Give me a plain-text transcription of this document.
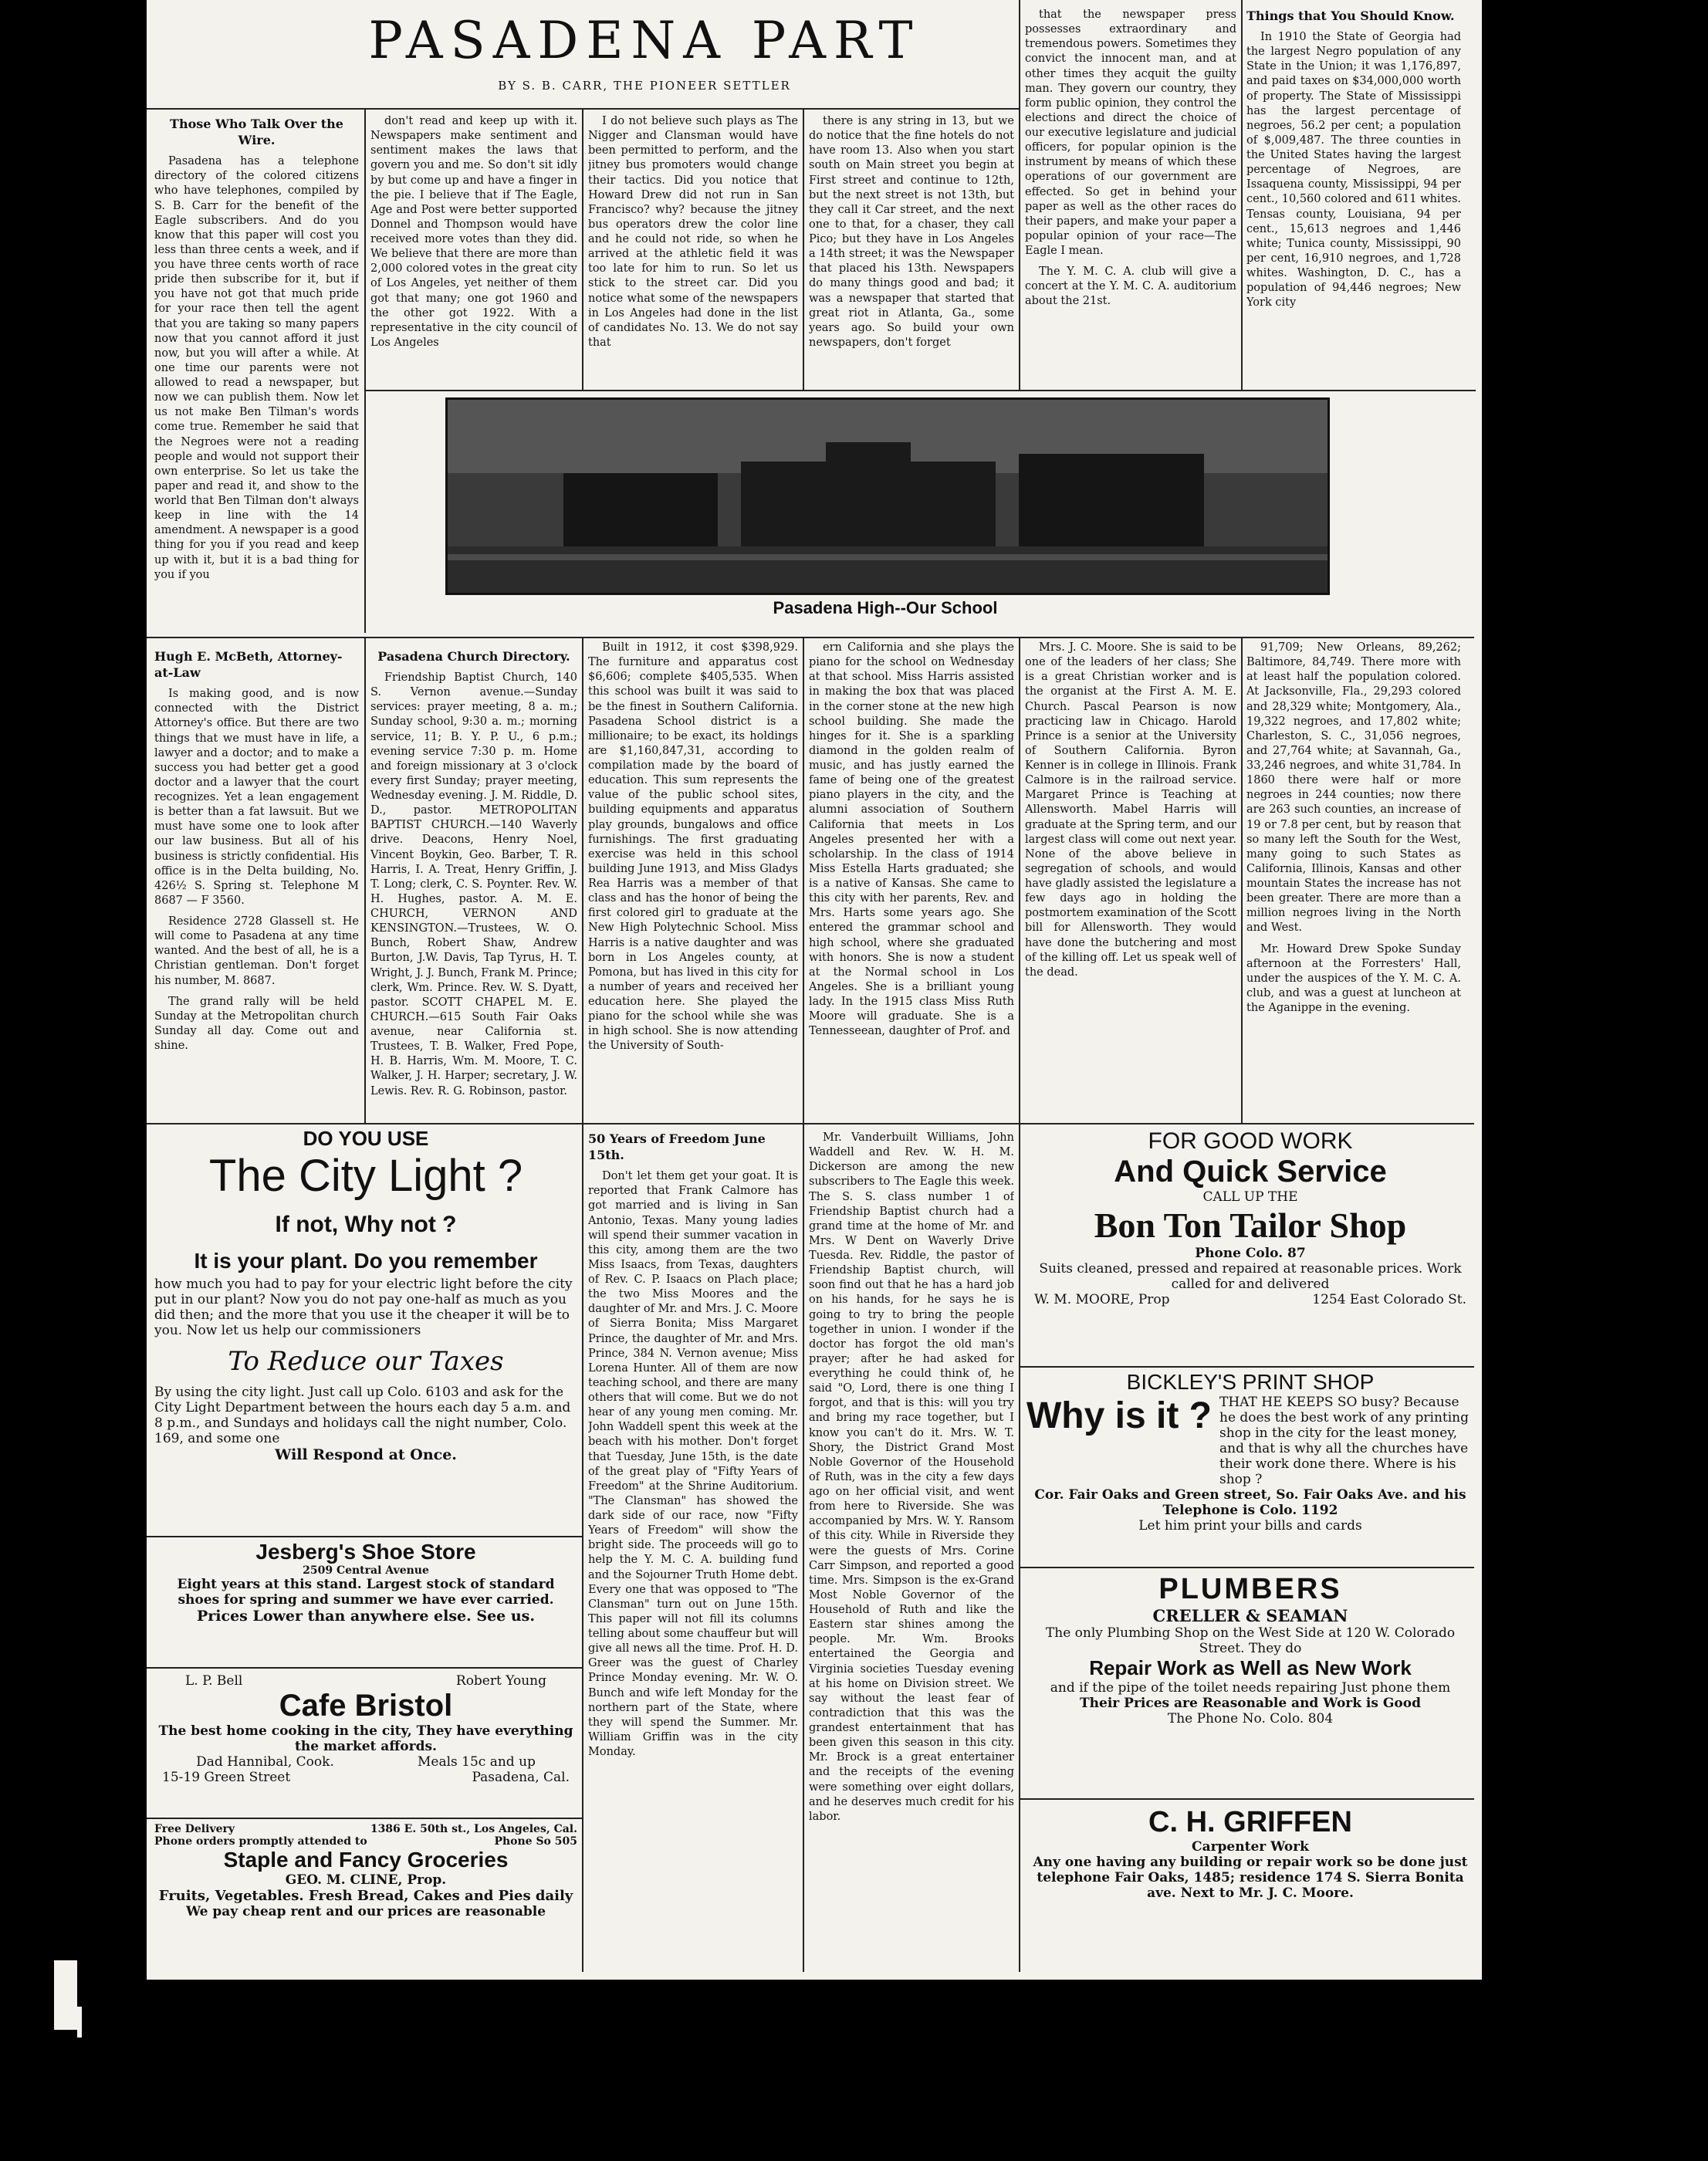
PASADENA PART
BY S. B. CARR, THE PIONEER SETTLER
Those Who Talk Over the Wire.

Pasadena has a telephone directory of the colored citizens who have telephones, compiled by S. B. Carr for the benefit of the Eagle subscribers. And do you know that this paper will cost you less than three cents a week, and if you have three cents worth of race pride then subscribe for it, but if you have not got that much pride for your race then tell the agent that you are taking so many papers now that you cannot afford it just now, but you will after a while. At one time our parents were not allowed to read a newspaper, but now we can publish them. Now let us not make Ben Tilman's words come true. Remember he said that the Negroes were not a reading people and would not support their own enterprise. So let us take the paper and read it, and show to the world that Ben Tilman don't always keep in line with the 14 amendment. A newspaper is a good thing for you if you read and keep up with it, but it is a bad thing for you if you

don't read and keep up with it. Newspapers make sentiment and sentiment makes the laws that govern you and me. So don't sit idly by but come up and have a finger in the pie. I believe that if The Eagle, Age and Post were better supported Donnel and Thompson would have received more votes than they did. We believe that there are more than 2,000 colored votes in the great city of Los Angeles, yet neither of them got that many; one got 1960 and the other got 1922. With a representative in the city council of Los Angeles

I do not believe such plays as The Nigger and Clansman would have been permitted to perform, and the jitney bus promoters would change their tactics. Did you notice that Howard Drew did not run in San Francisco? why? because the jitney bus operators drew the color line and he could not ride, so when he arrived at the athletic field it was too late for him to run. So let us stick to the street car. Did you notice what some of the newspapers in Los Angeles had done in the list of candidates No. 13. We do not say that

there is any string in 13, but we do notice that the fine hotels do not have room 13. Also when you start south on Main street you begin at First street and continue to 12th, but the next street is not 13th, but they call it Car street, and the next one to that, for a chaser, they call Pico; but they have in Los Angeles a 14th street; it was the Newspaper that placed his 13th. Newspapers do many things good and bad; it was a newspaper that started that great riot in Atlanta, Ga., some years ago. So build your own newspapers, don't forget

that the newspaper press possesses extraordinary and tremendous powers. Sometimes they convict the innocent man, and at other times they acquit the guilty man. They govern our country, they form public opinion, they control the elections and direct the choice of our executive legislature and judicial officers, for popular opinion is the instrument by means of which these operations of our government are effected. So get in behind your paper as well as the other races do their papers, and make your paper a popular opinion of your race—The Eagle I mean.

The Y. M. C. A. club will give a concert at the Y. M. C. A. auditorium about the 21st.

Things that You Should Know.

In 1910 the State of Georgia had the largest Negro population of any State in the Union; it was 1,176,897, and paid taxes on $34,000,000 worth of property. The State of Mississippi has the largest percentage of negroes, 56.2 per cent; a population of $,009,487. The three counties in the United States having the largest percentage of Negroes, are Issaquena county, Mississippi, 94 per cent., 10,560 colored and 611 whites. Tensas county, Louisiana, 94 per cent., 15,613 negroes and 1,446 white; Tunica county, Mississippi, 90 per cent, 16,910 negroes, and 1,728 whites. Washington, D. C., has a population of 94,446 negroes; New York city

Pasadena High--Our School
Hugh E. McBeth, Attorney-at-Law

Is making good, and is now connected with the District Attorney's office. But there are two things that we must have in life, a lawyer and a doctor; and to make a success you had better get a good doctor and a lawyer that the court recognizes. Yet a lean engagement is better than a fat lawsuit. But we must have some one to look after our law business. But all of his business is strictly confidential. His office is in the Delta building, No. 426½ S. Spring st. Telephone M 8687 — F 3560.

Residence 2728 Glassell st. He will come to Pasadena at any time wanted. And the best of all, he is a Christian gentleman. Don't forget his number, M. 8687.

The grand rally will be held Sunday at the Metropolitan church Sunday all day. Come out and shine.

Pasadena Church Directory.

Friendship Baptist Church, 140 S. Vernon avenue.—Sunday services: prayer meeting, 8 a. m.; Sunday school, 9:30 a. m.; morning service, 11; B. Y. P. U., 6 p.m.; evening service 7:30 p. m. Home and foreign missionary at 3 o'clock every first Sunday; prayer meeting, Wednesday evening. J. M. Riddle, D. D., pastor. METROPOLITAN BAPTIST CHURCH.—140 Waverly drive. Deacons, Henry Noel, Vincent Boykin, Geo. Barber, T. R. Harris, I. A. Treat, Henry Griffin, J. T. Long; clerk, C. S. Poynter. Rev. W. H. Hughes, pastor. A. M. E. CHURCH, VERNON AND KENSINGTON.—Trustees, W. O. Bunch, Robert Shaw, Andrew Burton, J.W. Davis, Tap Tyrus, H. T. Wright, J. J. Bunch, Frank M. Prince; clerk, Wm. Prince. Rev. W. S. Dyatt, pastor. SCOTT CHAPEL M. E. CHURCH.—615 South Fair Oaks avenue, near California st. Trustees, T. B. Walker, Fred Pope, H. B. Harris, Wm. M. Moore, T. C. Walker, J. H. Harper; secretary, J. W. Lewis. Rev. R. G. Robinson, pastor.

Built in 1912, it cost $398,929. The furniture and apparatus cost $6,606; complete $405,535. When this school was built it was said to be the finest in Southern California. Pasadena School district is a millionaire; to be exact, its holdings are $1,160,847,31, according to compilation made by the board of education. This sum represents the value of the public school sites, building equipments and apparatus play grounds, bungalows and office furnishings. The first graduating exercise was held in this school building June 1913, and Miss Gladys Rea Harris was a member of that class and has the honor of being the first colored girl to graduate at the New High Polytechnic School. Miss Harris is a native daughter and was born in Los Angeles county, at Pomona, but has lived in this city for a number of years and received her education here. She played the piano for the school while she was in high school. She is now attending the University of South-

ern California and she plays the piano for the school on Wednesday at that school. Miss Harris assisted in making the box that was placed in the corner stone at the new high school building. She made the hinges for it. She is a sparkling diamond in the golden realm of music, and has justly earned the fame of being one of the greatest piano players in the city, and the alumni association of Southern California that meets in Los Angeles presented her with a scholarship. In the class of 1914 Miss Estella Harts graduated; she is a native of Kansas. She came to this city with her parents, Rev. and Mrs. Harts some years ago. She entered the grammar school and high school, where she graduated with honors. She is now a student at the Normal school in Los Angeles. She is a brilliant young lady. In the 1915 class Miss Ruth Moore will graduate. She is a Tennesseean, daughter of Prof. and

Mrs. J. C. Moore. She is said to be one of the leaders of her class; She is a great Christian worker and is the organist at the First A. M. E. Church. Pascal Pearson is now practicing law in Chicago. Harold Prince is a senior at the University of Southern California. Byron Kenner is in college in Illinois. Frank Calmore is in the railroad service. Margaret Prince is Teaching at Allensworth. Mabel Harris will graduate at the Spring term, and our largest class will come out next year. None of the above believe in segregation of schools, and would have gladly assisted the legislature a few days ago in holding the postmortem examination of the Scott bill for Allensworth. They would have done the butchering and most of the killing off. Let us speak well of the dead.

91,709; New Orleans, 89,262; Baltimore, 84,749. There more with at least half the population colored. At Jacksonville, Fla., 29,293 colored and 28,329 white; Montgomery, Ala., 19,322 negroes, and 17,802 white; Charleston, S. C., 31,056 negroes, and 27,764 white; at Savannah, Ga., 33,246 negroes, and white 31,784. In 1860 there were half or more negroes in 244 counties; now there are 263 such counties, an increase of 19 or 7.8 per cent, but by reason that so many left the South for the West, many going to such States as California, Illinois, Kansas and other mountain States the increase has not been greater. There are more than a million negroes living in the North and West.

Mr. Howard Drew Spoke Sunday afternoon at the Forresters' Hall, under the auspices of the Y. M. C. A. club, and was a guest at luncheon at the Aganippe in the evening.

DO YOU USE
The City Light ?
If not, Why not ?
It is your plant. Do you remember
how much you had to pay for your electric light before the city put in our plant? Now you do not pay one-half as much as you did then; and the more that you use it the cheaper it will be to you. Now let us help our commissioners
To Reduce our Taxes
By using the city light. Just call up Colo. 6103 and ask for the City Light Department between the hours each day 5 a.m. and 8 p.m., and Sundays and holidays call the night number, Colo. 169, and some one
Will Respond at Once.
Jesberg's Shoe Store
2509 Central Avenue
Eight years at this stand. Largest stock of standard shoes for spring and summer we have ever carried.
Prices Lower than anywhere else. See us.
L. P. Bell	Robert Young
Cafe Bristol
The best home cooking in the city, They have everything the market affords.
Dad Hannibal, Cook.	Meals 15c and up
15-19 Green Street	Pasadena, Cal.
Free Delivery	1386 E. 50th st., Los Angeles, Cal.
Phone orders promptly attended to	Phone So 505
Staple and Fancy Groceries
GEO. M. CLINE, Prop.
Fruits, Vegetables. Fresh Bread, Cakes and Pies daily
We pay cheap rent and our prices are reasonable
50 Years of Freedom June 15th.

Don't let them get your goat. It is reported that Frank Calmore has got married and is living in San Antonio, Texas. Many young ladies will spend their summer vacation in this city, among them are the two Miss Isaacs, from Texas, daughters of Rev. C. P. Isaacs on Plach place; the two Miss Moores and the daughter of Mr. and Mrs. J. C. Moore of Sierra Bonita; Miss Margaret Prince, the daughter of Mr. and Mrs. Prince, 384 N. Vernon avenue; Miss Lorena Hunter. All of them are now teaching school, and there are many others that will come. But we do not hear of any young men coming. Mr. John Waddell spent this week at the beach with his mother. Don't forget that Tuesday, June 15th, is the date of the great play of "Fifty Years of Freedom" at the Shrine Auditorium. "The Clansman" has showed the dark side of our race, now "Fifty Years of Freedom" will show the bright side. The proceeds will go to help the Y. M. C. A. building fund and the Sojourner Truth Home debt. Every one that was opposed to "The Clansman" turn out on June 15th. This paper will not fill its columns telling about some chauffeur but will give all news all the time. Prof. H. D. Greer was the guest of Charley Prince Monday evening. Mr. W. O. Bunch and wife left Monday for the northern part of the State, where they will spend the Summer. Mr. William Griffin was in the city Monday.

Mr. Vanderbuilt Williams, John Waddell and Rev. W. H. M. Dickerson are among the new subscribers to The Eagle this week. The S. S. class number 1 of Friendship Baptist church had a grand time at the home of Mr. and Mrs. W Dent on Waverly Drive Tuesda. Rev. Riddle, the pastor of Friendship Baptist church, will soon find out that he has a hard job on his hands, for he says he is going to try to bring the people together in union. I wonder if the doctor has forgot the old man's prayer; after he had asked for everything he could think of, he said "O, Lord, there is one thing I forgot, and that is this: will you try and bring my race together, but I know you can't do it. Mrs. W. T. Shory, the District Grand Most Noble Governor of the Household of Ruth, was in the city a few days ago on her official visit, and went from here to Riverside. She was accompanied by Mrs. W. Y. Ransom of this city. While in Riverside they were the guests of Mrs. Corine Carr Simpson, and reported a good time. Mrs. Simpson is the ex-Grand Most Noble Governor of the Household of Ruth and like the Eastern star shines among the people. Mr. Wm. Brooks entertained the Georgia and Virginia societies Tuesday evening at his home on Division street. We say without the least fear of contradiction that this was the grandest entertainment that has been given this season in this city. Mr. Brock is a great entertainer and the receipts of the evening were something over eight dollars, and he deserves much credit for his labor.

FOR GOOD WORK
And Quick Service
CALL UP THE
Bon Ton Tailor Shop
Phone Colo. 87
Suits cleaned, pressed and repaired at reasonable prices. Work called for and delivered
W. M. MOORE, Prop	1254 East Colorado St.
BICKLEY'S PRINT SHOP
Why is it ? THAT HE KEEPS SO busy? Because he does the best work of any printing shop in the city for the least money, and that is why all the churches have their work done there. Where is his shop ?
Cor. Fair Oaks and Green street, So. Fair Oaks Ave. and his Telephone is Colo. 1192
Let him print your bills and cards
PLUMBERS
CRELLER & SEAMAN
The only Plumbing Shop on the West Side at 120 W. Colorado Street. They do
Repair Work as Well as New Work
and if the pipe of the toilet needs repairing Just phone them
Their Prices are Reasonable and Work is Good
The Phone No. Colo. 804
C. H. GRIFFEN
Carpenter Work
Any one having any building or repair work so be done just telephone Fair Oaks, 1485; residence 174 S. Sierra Bonita ave. Next to Mr. J. C. Moore.
